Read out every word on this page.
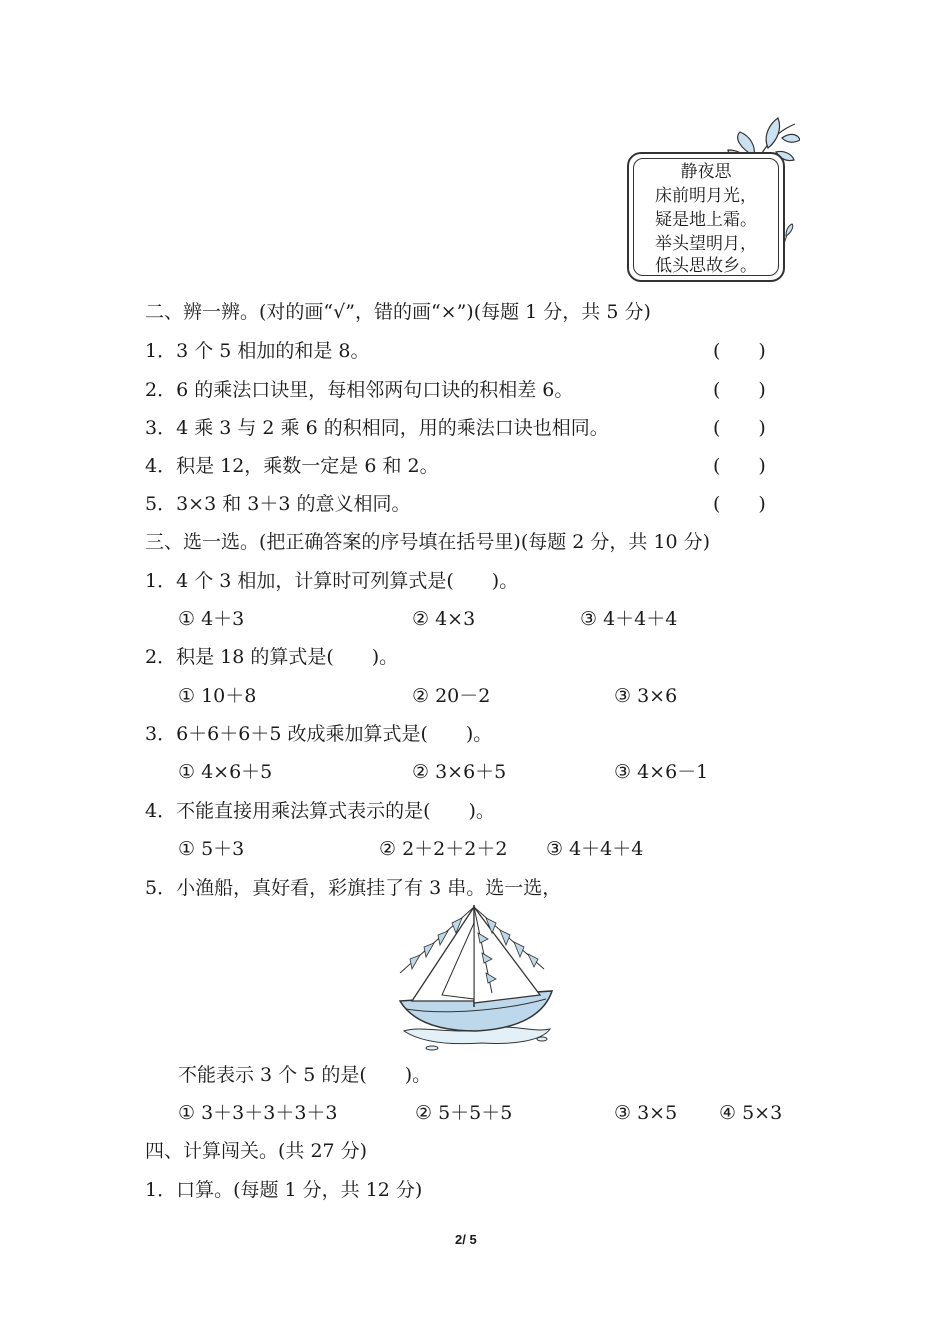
静夜思
床前明月光，
疑是地上霜。
举头望明月，
低头思故乡。
二、辨一辨。(对的画“√”，错的画“×”)(每题 1 分，共 5 分)
1．3 个 5 相加的和是 8。	(　　)
2．6 的乘法口诀里，每相邻两句口诀的积相差 6。	(　　)
3．4 乘 3 与 2 乘 6 的积相同，用的乘法口诀也相同。	(　　)
4．积是 12，乘数一定是 6 和 2。	(　　)
5．3×3 和 3＋3 的意义相同。	(　　)
三、选一选。(把正确答案的序号填在括号里)(每题 2 分，共 10 分)
1．4 个 3 相加，计算时可列算式是(　　)。
① 4＋3	② 4×3	③ 4＋4＋4
2．积是 18 的算式是(　　)。
① 10＋8	② 20－2	③ 3×6
3．6＋6＋6＋5 改成乘加算式是(　　)。
① 4×6＋5	② 3×6＋5	③ 4×6－1
4．不能直接用乘法算式表示的是(　　)。
① 5＋3	② 2＋2＋2＋2 ③ 4＋4＋4
5．小渔船，真好看，彩旗挂了有 3 串。选一选，
不能表示 3 个 5 的是(　　)。
① 3＋3＋3＋3＋3	② 5＋5＋5	③ 3×5 ④ 5×3
四、计算闯关。(共 27 分)
1．口算。(每题 1 分，共 12 分)
2/ 5
